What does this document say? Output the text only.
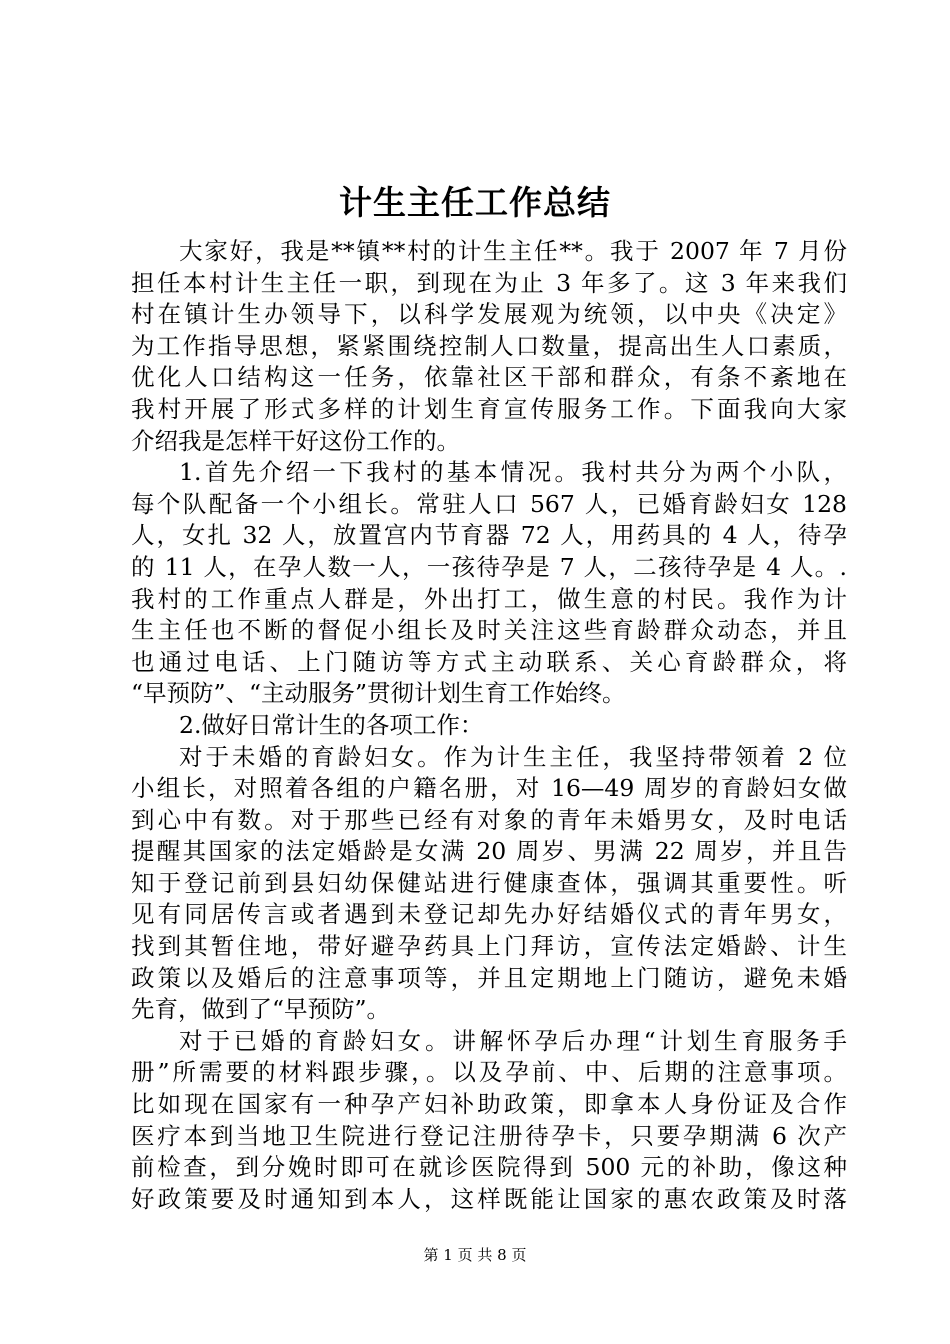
计生主任工作总结
大家好，我是**镇**村的计生主任**。我于 2007 年 7 月份
担任本村计生主任一职，到现在为止 3 年多了。这 3 年来我们
村在镇计生办领导下，以科学发展观为统领，以中央《决定》
为工作指导思想，紧紧围绕控制人口数量，提高出生人口素质，
优化人口结构这一任务，依靠社区干部和群众，有条不紊地在
我村开展了形式多样的计划生育宣传服务工作。下面我向大家
介绍我是怎样干好这份工作的。
1.首先介绍一下我村的基本情况。我村共分为两个小队，
每个队配备一个小组长。常驻人口 567 人，已婚育龄妇女 128
人，女扎 32 人，放置宫内节育器 72 人，用药具的 4 人，待孕
的 11 人，在孕人数一人，一孩待孕是 7 人，二孩待孕是 4 人。.
我村的工作重点人群是，外出打工，做生意的村民。我作为计
生主任也不断的督促小组长及时关注这些育龄群众动态，并且
也通过电话、上门随访等方式主动联系、关心育龄群众，将
“早预防”、“主动服务”贯彻计划生育工作始终。
2.做好日常计生的各项工作：
对于未婚的育龄妇女。作为计生主任，我坚持带领着 2 位
小组长，对照着各组的户籍名册，对 16—49 周岁的育龄妇女做
到心中有数。对于那些已经有对象的青年未婚男女，及时电话
提醒其国家的法定婚龄是女满 20 周岁、男满 22 周岁，并且告
知于登记前到县妇幼保健站进行健康查体，强调其重要性。听
见有同居传言或者遇到未登记却先办好结婚仪式的青年男女，
找到其暂住地，带好避孕药具上门拜访，宣传法定婚龄、计生
政策以及婚后的注意事项等，并且定期地上门随访，避免未婚
先育，做到了“早预防”。
对于已婚的育龄妇女。讲解怀孕后办理“计划生育服务手
册”所需要的材料跟步骤，。以及孕前、中、后期的注意事项。
比如现在国家有一种孕产妇补助政策，即拿本人身份证及合作
医疗本到当地卫生院进行登记注册待孕卡，只要孕期满 6 次产
前检查，到分娩时即可在就诊医院得到 500 元的补助，像这种
好政策要及时通知到本人，这样既能让国家的惠农政策及时落
第 1 页 共 8 页
